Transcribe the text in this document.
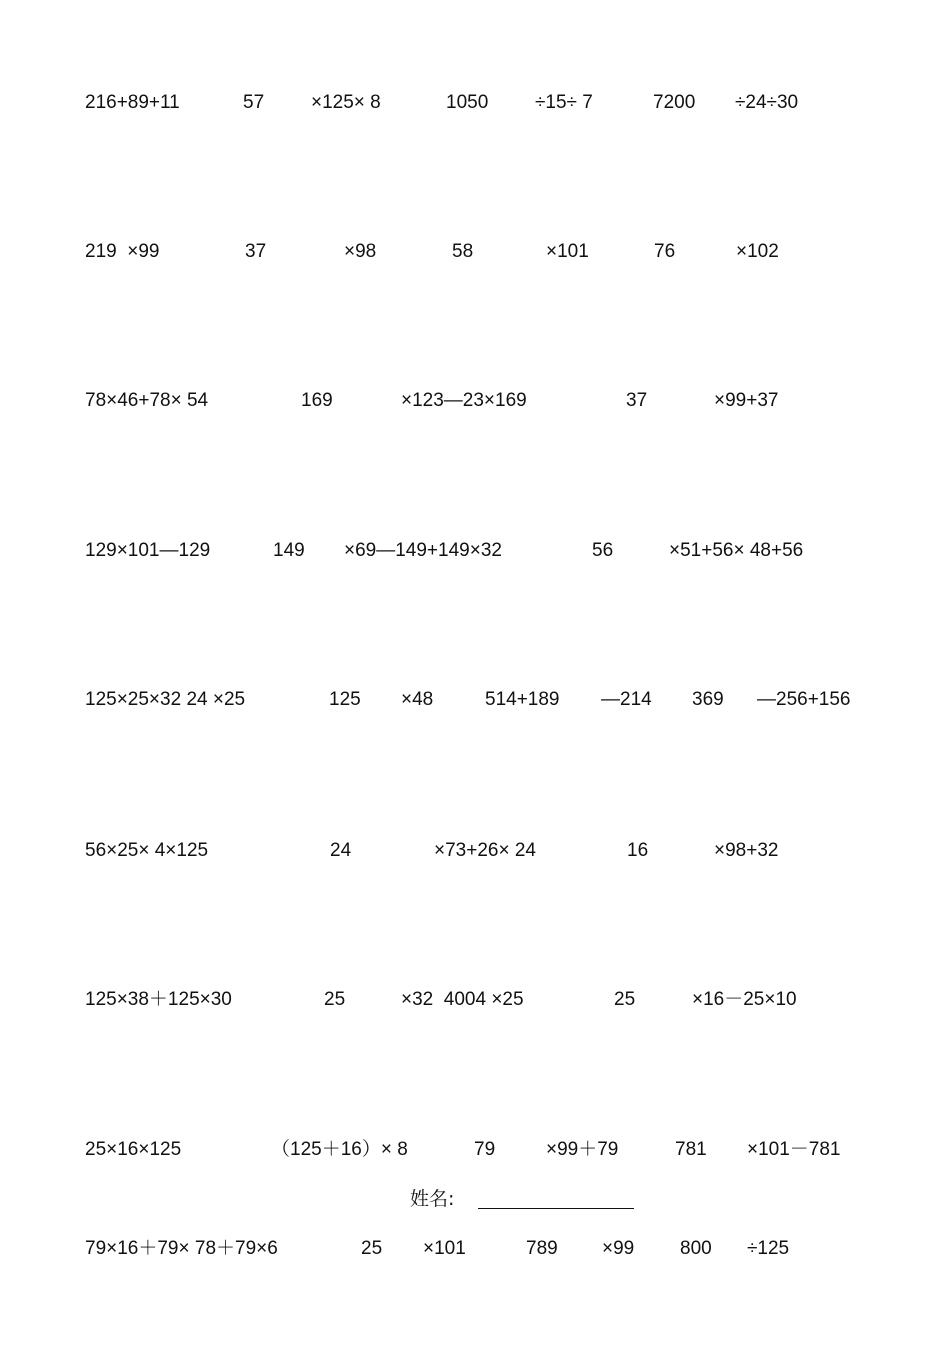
216+89+11	57 ×125× 8	1050 ÷15÷ 7	7200 ÷24÷30
219  ×99	37	×98	58	×101	76	×102
78×46+78× 54	169	×123—23×169	37	×99+37
129×101—129	149 ×69—149+149×32	56	×51+56× 48+56
125×25×32 24 ×25	125 ×48	514+189 —214 369 —256+156
56×25× 4×125	24	×73+26× 24	16	×98+32
125×38＋125×30	25	×32  4004 ×25	25	×16－25×10
25×16×125	（125＋16）× 8	79	×99＋79	781 ×101－781
姓名:
79×16＋79× 78＋79×6	25 ×101	789 ×99 800 ÷125
